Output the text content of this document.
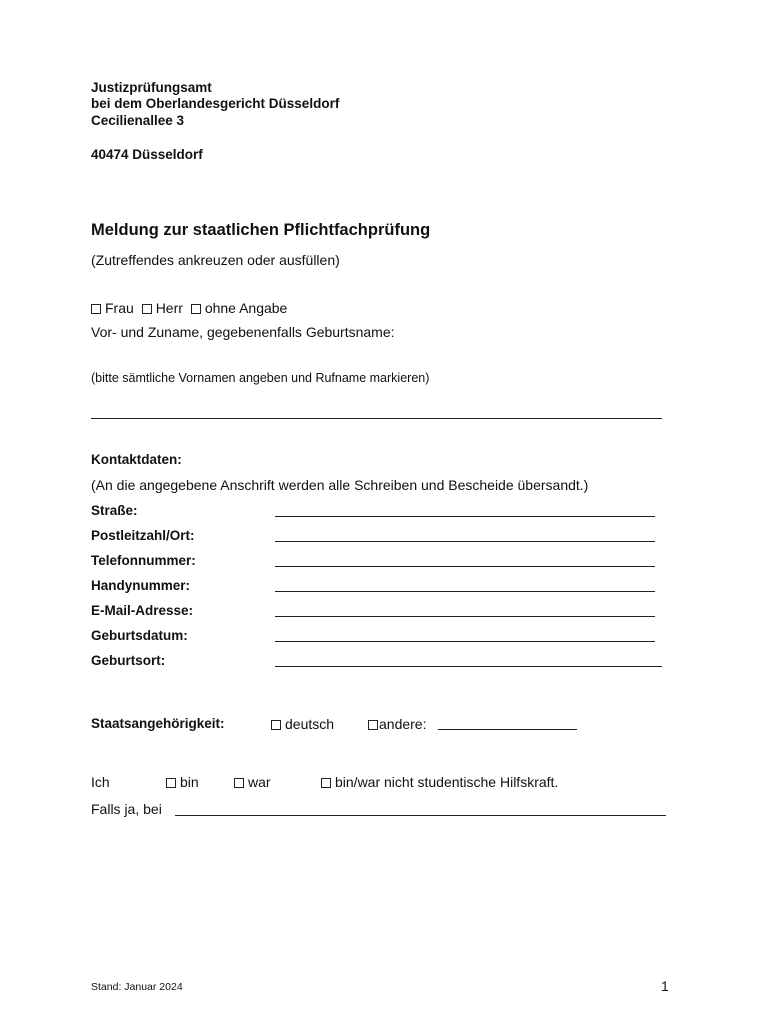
Justizprüfungsamt
bei dem Oberlandesgericht Düsseldorf
Cecilienallee 3
40474 Düsseldorf
Meldung zur staatlichen Pflichtfachprüfung
(Zutreffendes ankreuzen oder ausfüllen)
Frau Herr ohne Angabe
Vor- und Zuname, gegebenenfalls Geburtsname:
(bitte sämtliche Vornamen angeben und Rufname markieren)
Kontaktdaten:
(An die angegebene Anschrift werden alle Schreiben und Bescheide übersandt.)
Straße:
Postleitzahl/Ort:
Telefonnummer:
Handynummer:
E-Mail-Adresse:
Geburtsdatum:
Geburtsort:
Staatsangehörigkeit:	deutsch	andere:
Ich	bin	war	bin/war nicht studentische Hilfskraft.
Falls ja, bei
Stand: Januar 2024	1
